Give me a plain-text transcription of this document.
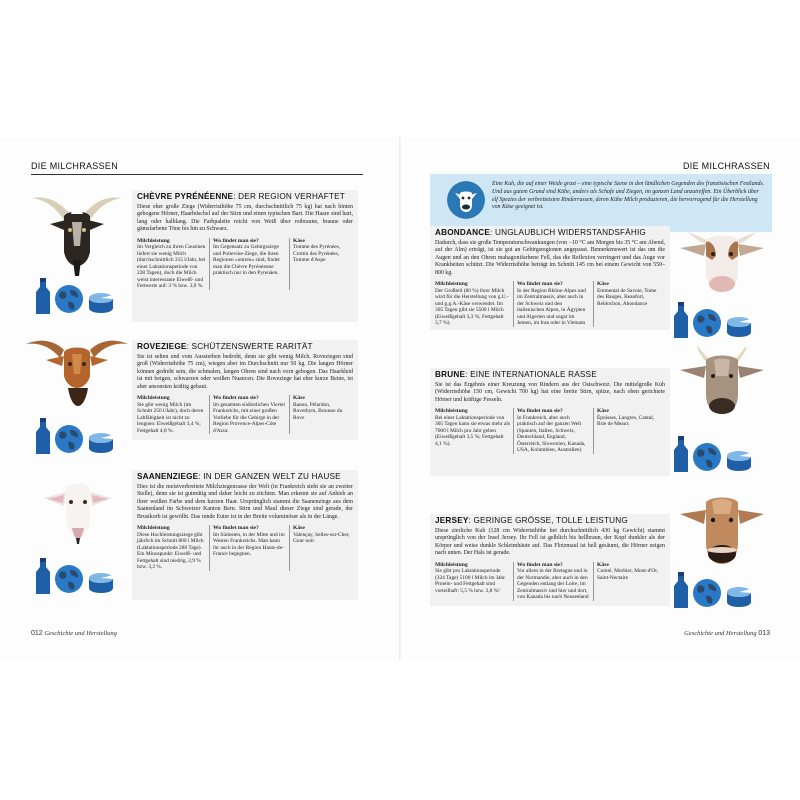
DIE MILCHRASSEN	DIE MILCHRASSEN
CHÈVRE PYRÉNÉENNE: DER REGION VERHAFTET
Diese eher große Ziege (Widerristhöhe 75 cm, durchschnittlich 75 kg) hat nach hinten gebogene Hörner, Haarbüschel auf der Stirn und einen typischen Bart. Die Haare sind hart, lang oder halblang. Die Farbpalette reicht von Weiß über rotbraune, braune oder gämsfarbene Töne bis hin zu Schwarz.
Milchleistung
Im Vergleich zu ihren Cousinen liefert sie wenig Milch (durchschnittlich 315 l/Jahr, bei einer Laktationsperiode von 228 Tagen), doch die Milch weist interessante Eiweiß- und Fettwerte auf: 3 % bzw. 3,9 %.
Wo findet man sie?
Im Gegensatz zu Gebirgsziege und Poitevine-Ziege, die ihren Regionen »untreu« sind, findet man die Chèvre Pyrénéenne praktisch nur in den Pyrenäen.
Käse
Tomme des Pyrénées, Crottin des Pyrénées, Tomme d'Aspe
ROVEZIEGE: SCHÜTZENSWERTE RARITÄT
Sie ist selten und vom Aussterben bedroht, denn sie gibt wenig Milch. Roveziegen sind groß (Widerristhöhe 75 cm), wiegen aber im Durchschnitt nur 50 kg. Die langen Hörner können gedreht sein, die schmalen, langen Ohren sind nach vorn gebogen. Das Haarkleid ist mit beigen, schwarzen oder weißen Nuancen. Die Roveziege hat eher kurze Beine, ist aber ansonsten kräftig gebaut.
Milchleistung
Sie gibt wenig Milch (im Schnitt 250 l/Jahr), doch deren Labfähigkeit ist nicht zu leugnen: Eiweißgehalt 3,4 %; Fettgehalt 4,8 %.
Wo findet man sie?
Im gesamten südöstlichen Viertel Frankreichs, mit einer großen Vorliebe für die Gebirge in der Region Provence-Alpes-Côte d'Azur.
Käse
Banon, Pélardon, Rovethym, Brousse du Rove
SAANENZIEGE: IN DER GANZEN WELT ZU HAUSE
Dies ist die meistverbreitete Milchziegenrasse der Welt (in Frankreich steht sie an zweiter Stelle), denn sie ist gutmütig und daher leicht zu züchten. Man erkennt sie auf Anhieb an ihrer weißen Farbe und dem kurzen Haar. Ursprünglich stammt die Saanenziege aus dem Saanenland im Schweizer Kanton Bern. Stirn und Maul dieser Ziege sind gerade, der Brustkorb ist gewölbt. Das runde Euter ist in der Breite voluminöser als in der Länge.
Milchleistung
Diese Hochleistungsziege gibt jährlich im Schnitt 800 l Milch (Laktationsperiode 280 Tage). Ein Minuspunkt: Eiweiß- und Fettgehalt sind niedrig, 2,9 % bzw. 3,2 %.
Wo findet man sie?
Im Südosten, in der Mitte und im Westen Frankreichs. Man kann ihr auch in der Region Hauts-de-France begegnen.
Käse
Valençay, Selles-sur-Cher, Gour noir
012 Geschichte und Herstellung
Eine Kuh, die auf einer Weide grast – eine typische Szene in den ländlichen Gegenden des französischen Festlands. Und aus gutem Grund sind Kühe, anders als Schafe und Ziegen, im ganzen Land anzutreffen. Ein Überblick über elf Spezies der verbreitetsten Rinderrassen, deren Kühe Milch produzieren, die hervorragend für die Herstellung von Käse geeignet ist.
ABONDANCE: UNGLAUBLICH WIDERSTANDSFÄHIG
Dadurch, dass sie große Temperaturschwankungen (von −10 °C am Morgen bis 35 °C am Abend, auf der Alm) erträgt, ist sie gut an Gebirgsregionen angepasst. Bemerkenswert ist das um die Augen und an den Ohren mahagonifarbene Fell, das die Reflexion verringert und das Auge vor Krankheiten schützt. Die Widerristhöhe beträgt im Schnitt 145 cm bei einem Gewicht von 550–800 kg.
Milchleistung
Der Großteil (80 %) ihrer Milch wird für die Herstellung von g.U.- und g.g.A.-Käse verwendet. Im 305 Tagen gibt sie 5500 l Milch (Eiweißgehalt 3,3 %; Fettgehalt 3,7 %).
Wo findet man sie?
In der Region Rhône-Alpes und im Zentralmassiv, aber auch in der Schweiz und den italienischen Alpen, in Ägypten und Algerien und sogar im Jemen, im Iran oder in Vietnam
Käse
Emmental de Savoie, Tome des Bauges, Beaufort, Reblochon, Abondance
BRUNE: EINE INTERNATIONALE RASSE
Sie ist das Ergebnis einer Kreuzung von Rindern aus der Ostschweiz. Die mittelgroße Kuh (Widerristhöhe 150 cm, Gewicht 700 kg) hat eine breite Stirn, spitze, nach oben gerichtete Hörner und kräftige Fesseln.
Milchleistung
Bei einer Laktationsperiode von 305 Tagen kann sie etwas mehr als 7000 l Milch pro Jahr geben (Eiweißgehalt 3,5 %; Fettgehalt 4,1 %).
Wo findet man sie?
In Frankreich, aber auch praktisch auf der ganzen Welt (Spanien, Italien, Schweiz, Deutschland, England, Österreich, Slowenien, Kanada, USA, Kolumbien, Australien)
Käse
Époisses, Langres, Cantal, Brie de Meaux
JERSEY: GERINGE GRÖSSE, TOLLE LEISTUNG
Diese zierliche Kuh (128 cm Widerristhöhe bei durchschnittlich 430 kg Gewicht) stammt ursprünglich von der Insel Jersey. Ihr Fell ist gelblich bis hellbraun, der Kopf dunkler als der Körper und weise dunkle Schleimhäute auf. Das Flotzmaul ist hell gesäumt, die Hörner zeigen nach unten. Der Hals ist gerade.
Milchleistung
Sie gibt pro Laktationsperiode (324 Tage) 5100 l Milch im Jahr. Protein- und Fettgehalt sind vorteilhaft: 5,5 % bzw. 3,8 %!
Wo findet man sie?
Vor allem in der Bretagne und in der Normandie, aber auch in den Gegenden entlang der Loire, im Zentralmassiv und hier und dort, von Kanada bis nach Neuseeland
Käse
Comté, Morbier, Mont-d'Or, Saint-Nectaire
Geschichte und Herstellung 013
